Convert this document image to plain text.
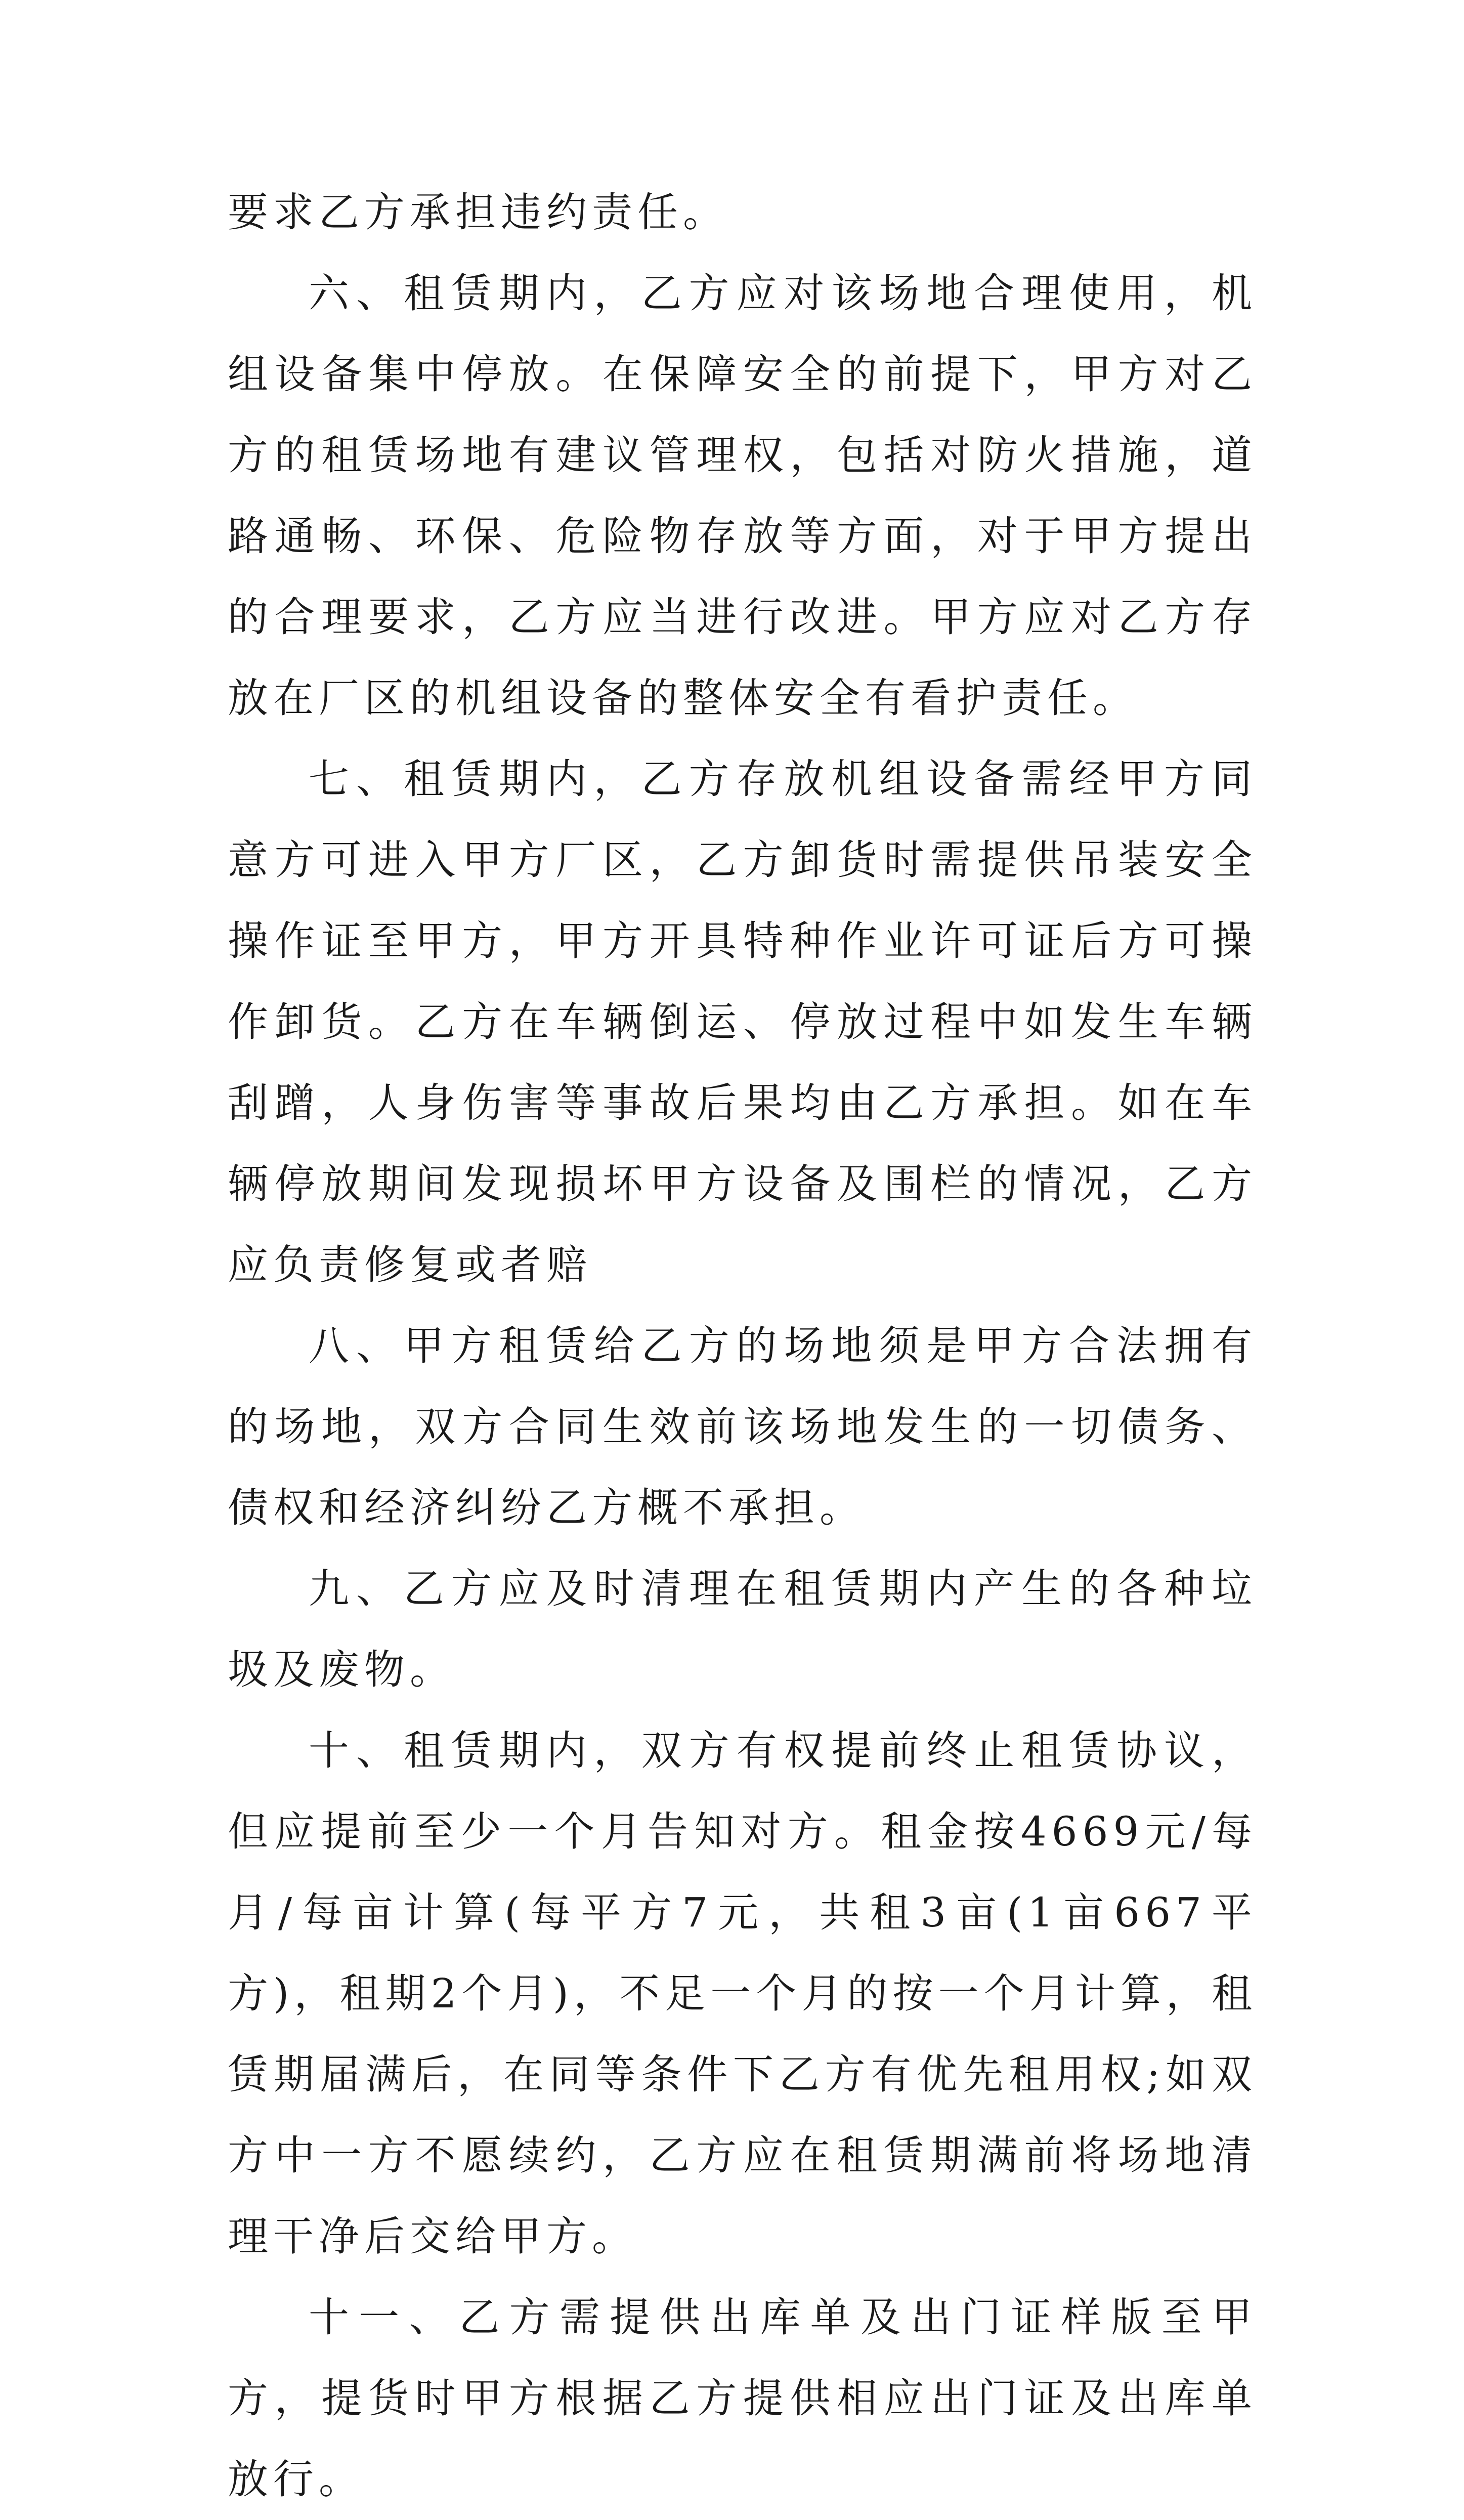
要求乙方承担违约责任。

六、租赁期内，乙方应对该场地合理使用，机组设备集中停放。在保障安全的前提下，甲方对乙方的租赁场地有建议管理权，包括对防火措施，道路通畅、环保、危险物存放等方面，对于甲方提出的合理要求，乙方应当进行改进。甲方应对乙方存放在厂区的机组设备的整体安全有看护责任。

七、租赁期内，乙方存放机组设备需经甲方同意方可进入甲方厂区，乙方卸货时需提供吊装安全操作证至甲方，甲方开具特种作业许可证后方可操作卸货。乙方在车辆倒运、停放过程中如发生车辆刮蹭，人身伤害等事故后果均由乙方承担。如在车辆停放期间发现损坏甲方设备及围栏的情况，乙方应负责修复或者赔

八、甲方租赁给乙方的场地须是甲方合法拥有的场地，双方合同生效前该场地发生的一切债务、债权和经济纠纷乙方概不承担。

九、乙方应及时清理在租赁期内产生的各种垃圾及废物。

十、租赁期内，双方有权提前终止租赁协议，但应提前至少一个月告知对方。租金按4669元/每月/每亩计算(每平方7元，共租3亩(1亩667平方)，租期2个月)，不足一个月的按一个月计算，租赁期届满后，在同等条件下乙方有优先租用权;如双方中一方不愿续约，乙方应在租赁期满前将场地清理干净后交给甲方。

十一、乙方需提供出库单及出门证样版至甲方，提货时甲方根据乙方提供相应出门证及出库单放行。
